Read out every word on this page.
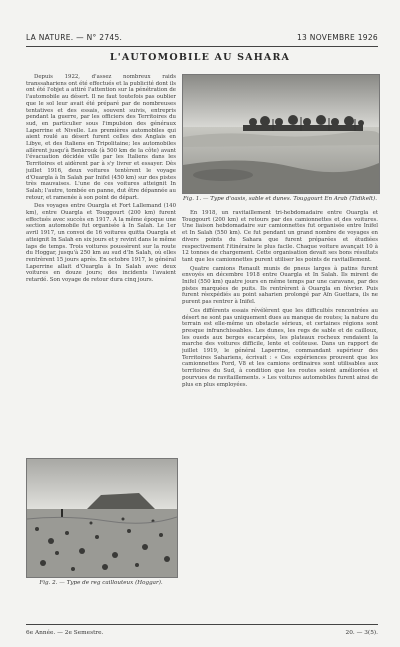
LA NATURE. — N° 2745.	13 NOVEMBRE 1926
L'AUTOMOBILE AU SAHARA
Fig. 1. — Type d'oasis, sable et dunes. Touggourt En Arab (Tidikelt).

Depuis 1922, d'assez nombreux raids transsahariens ont été effectués et la publicité dont ils ont été l'objet a attiré l'attention sur la pénétration de l'automobile au désert. Il ne faut toutefois pas oublier que le sol leur avait été préparé par de nombreuses tentatives et des essais, souvent suivis, entrepris pendant la guerre, par les officiers des Territoires du sud, en particulier sous l'impulsion des généraux Laperrine et Nivelle. Les premières automobiles qui aient roulé au désert furent celles des Anglais en Libye, et des Italiens en Tripolitaine; les automobiles allèrent jusqu'à Benkrouk (à 500 km de la côte) avant l'évacuation décidée ville par les Italiens dans les Territoires et aidèrent par à s'y livrer et essayer. Dès juillet 1916, deux voitures tentèrent le voyage d'Ouargla à In Salah par Inifel (450 km) sur des pistes très mauvaises. L'une de ces voitures atteignit In Salah; l'autre, tombée en panne, dut être dépannée au retour, et ramenée à son point de départ.

Des voyages entre Ouargla et Fort Lallemand (140 km), entre Ouargla et Touggourt (200 km) furent effectués avec succès en 1917. A la même époque une section automobile fut organisée à In Salah. Le 1er avril 1917, un convoi de 16 voitures quitta Ouargla et atteignit In Salah en six jours et y revint dans le même laps de temps. Trois voitures poussèrent sur la route du Hoggar, jusqu'à 250 km au sud d'In Salah, où elles rentrèrent 15 jours après. En octobre 1917, le général Laperrine allait d'Ouargla à In Salah avec deux voitures en douze jours; des incidents l'avaient retardé. Son voyage de retour dura cinq jours.

En 1918, un ravitaillement tri-hebdomadaire entre Ouargla et Touggourt (200 km) et retours par des camionnettes et des voitures. Une liaison hebdomadaire sur camionnettes fut organisée entre Inifel et In Salah (550 km). Ce fut pendant un grand nombre de voyages en divers points du Sahara que furent préparées et étudiées respectivement l'itinéraire le plus facile. Chaque voiture avançait 10 à 12 tonnes de chargement. Cette organisation devait ses bons résultats tant que les camionnettes purent utiliser les points de ravitaillement.

Quatre camions Renault munis de pneus larges à patins furent envoyés en décembre 1918 entre Ouargla et In Salah. Ils mirent de Inifel (550 km) quatre jours en même temps par une caravane, par des pistes marquées de puits. Ils rentrèrent à Ouargla en février. Puis furent réexpédiés au point saharien prolongé par Aïn Guettara, ils ne purent pas rentrer à Inifel.

Ces différents essais révélèrent que les difficultés rencontrées au désert ne sont pas uniquement dues au manque de routes; la nature du terrain est elle-même un obstacle sérieux, et certaines régions sont presque infranchissables. Les dunes, les regs de sable et de cailloux, les oueds aux berges escarpées, les plateaux rocheux rendaient la marche des voitures difficile, lente et coûteuse. Dans un rapport de juillet 1919, le général Laperrine, commandant supérieur des Territoires Sahariens, écrivait : « Ces expériences prouvent que les camionnettes Ford, V8 et les camions ordinaires sont utilisables aux territoires du Sud, à condition que les routes soient améliorées et pourvues de ravitaillements. » Les voitures automobiles furent ainsi de plus en plus employées.

Fig. 2. — Type de reg caillouteux (Hoggar).
6e Année. — 2e Semestre.	20. — 3(5).
